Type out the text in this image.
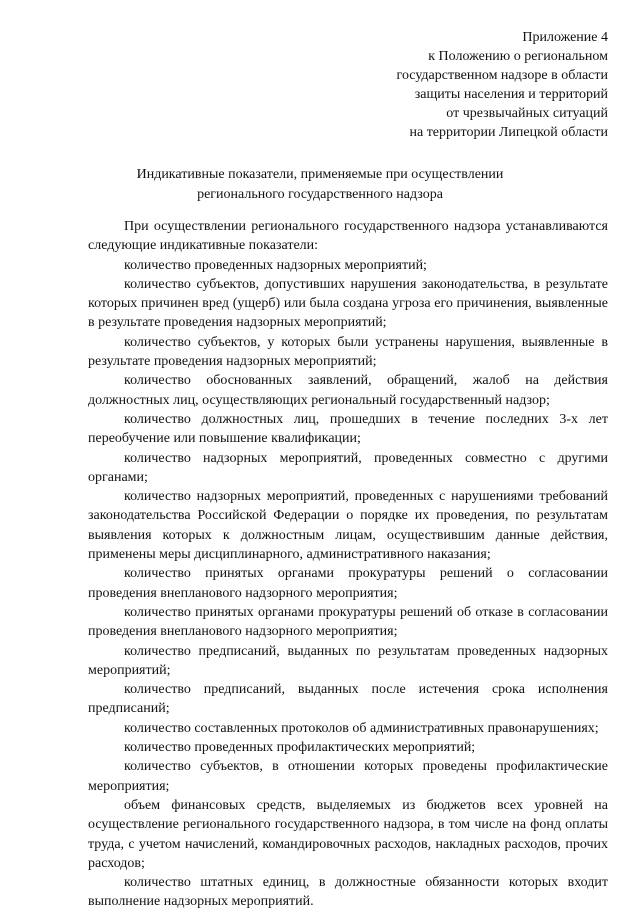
Приложение 4
к Положению о региональном
государственном надзоре в области
защиты населения и территорий
от чрезвычайных ситуаций
на территории Липецкой области
Индикативные показатели, применяемые при осуществлении
регионального государственного надзора

При осуществлении регионального государственного надзора устанавливаются следующие индикативные показатели:

количество проведенных надзорных мероприятий;

количество субъектов, допустивших нарушения законодательства, в результате которых причинен вред (ущерб) или была создана угроза его причинения, выявленные в результате проведения надзорных мероприятий;

количество субъектов, у которых были устранены нарушения, выявленные в результате проведения надзорных мероприятий;

количество обоснованных заявлений, обращений, жалоб на действия должностных лиц, осуществляющих региональный государственный надзор;

количество должностных лиц, прошедших в течение последних 3-х лет переобучение или повышение квалификации;

количество надзорных мероприятий, проведенных совместно с другими органами;

количество надзорных мероприятий, проведенных с нарушениями требований законодательства Российской Федерации о порядке их проведения, по результатам выявления которых к должностным лицам, осуществившим данные действия, применены меры дисциплинарного, административного наказания;

количество принятых органами прокуратуры решений о согласовании проведения внепланового надзорного мероприятия;

количество принятых органами прокуратуры решений об отказе в согласовании проведения внепланового надзорного мероприятия;

количество предписаний, выданных по результатам проведенных надзорных мероприятий;

количество предписаний, выданных после истечения срока исполнения предписаний;

количество составленных протоколов об административных правонарушениях;

количество проведенных профилактических мероприятий;

количество субъектов, в отношении которых проведены профилактические мероприятия;

объем финансовых средств, выделяемых из бюджетов всех уровней на осуществление регионального государственного надзора, в том числе на фонд оплаты труда, с учетом начислений, командировочных расходов, накладных расходов, прочих расходов;

количество штатных единиц, в должностные обязанности которых входит выполнение надзорных мероприятий.
